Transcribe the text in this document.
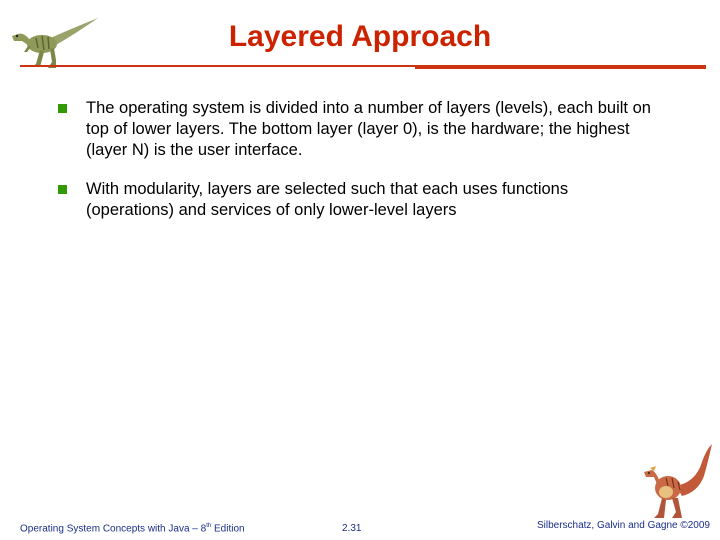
Layered Approach
The operating system is divided into a number of layers (levels), each built on top of lower layers. The bottom layer (layer 0), is the hardware; the highest (layer N) is the user interface.
With modularity, layers are selected such that each uses functions (operations) and services of only lower-level layers
Operating System Concepts with Java – 8th Edition	2.31	Silberschatz, Galvin and Gagne ©2009
